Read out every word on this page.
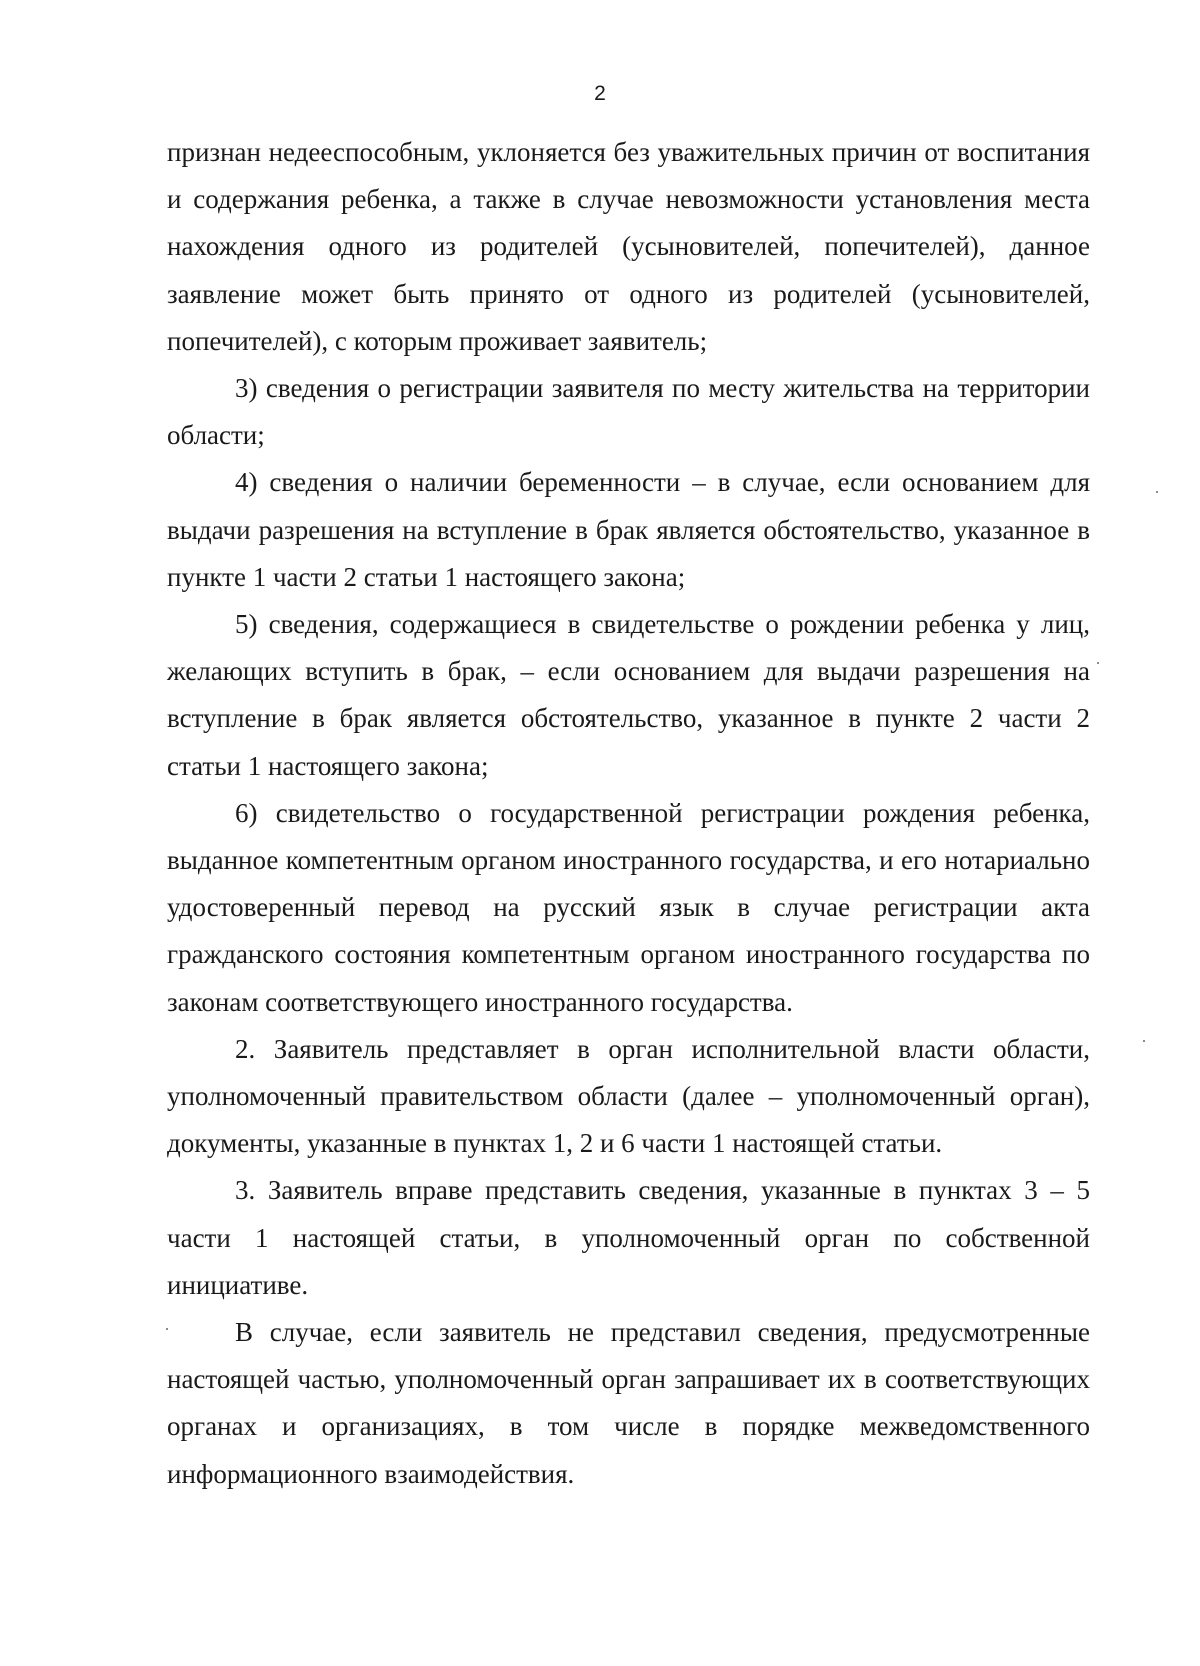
2

признан недееспособным, уклоняется без уважительных причин от воспитания и содержания ребенка, а также в случае невозможности установления места нахождения одного из родителей (усыновителей, попечителей), данное заявление может быть принято от одного из родителей (усыновителей, попечителей), с которым проживает заявитель;

3) сведения о регистрации заявителя по месту жительства на территории области;

4) сведения о наличии беременности – в случае, если основанием для выдачи разрешения на вступление в брак является обстоятельство, указанное в пункте 1 части 2 статьи 1 настоящего закона;

5) сведения, содержащиеся в свидетельстве о рождении ребенка у лиц, желающих вступить в брак, – если основанием для выдачи разрешения на вступление в брак является обстоятельство, указанное в пункте 2 части 2 статьи 1 настоящего закона;

6) свидетельство о государственной регистрации рождения ребенка, выданное компетентным органом иностранного государства, и его нотариально удостоверенный перевод на русский язык в случае регистрации акта гражданского состояния компетентным органом иностранного государства по законам соответствующего иностранного государства.

2. Заявитель представляет в орган исполнительной власти области, уполномоченный правительством области (далее – уполномоченный орган), документы, указанные в пунктах 1, 2 и 6 части 1 настоящей статьи.

3. Заявитель вправе представить сведения, указанные в пунктах 3 – 5 части 1 настоящей статьи, в уполномоченный орган по собственной инициативе.

В случае, если заявитель не представил сведения, предусмотренные настоящей частью, уполномоченный орган запрашивает их в соответствующих органах и организациях, в том числе в порядке межведомственного информационного взаимодействия.
